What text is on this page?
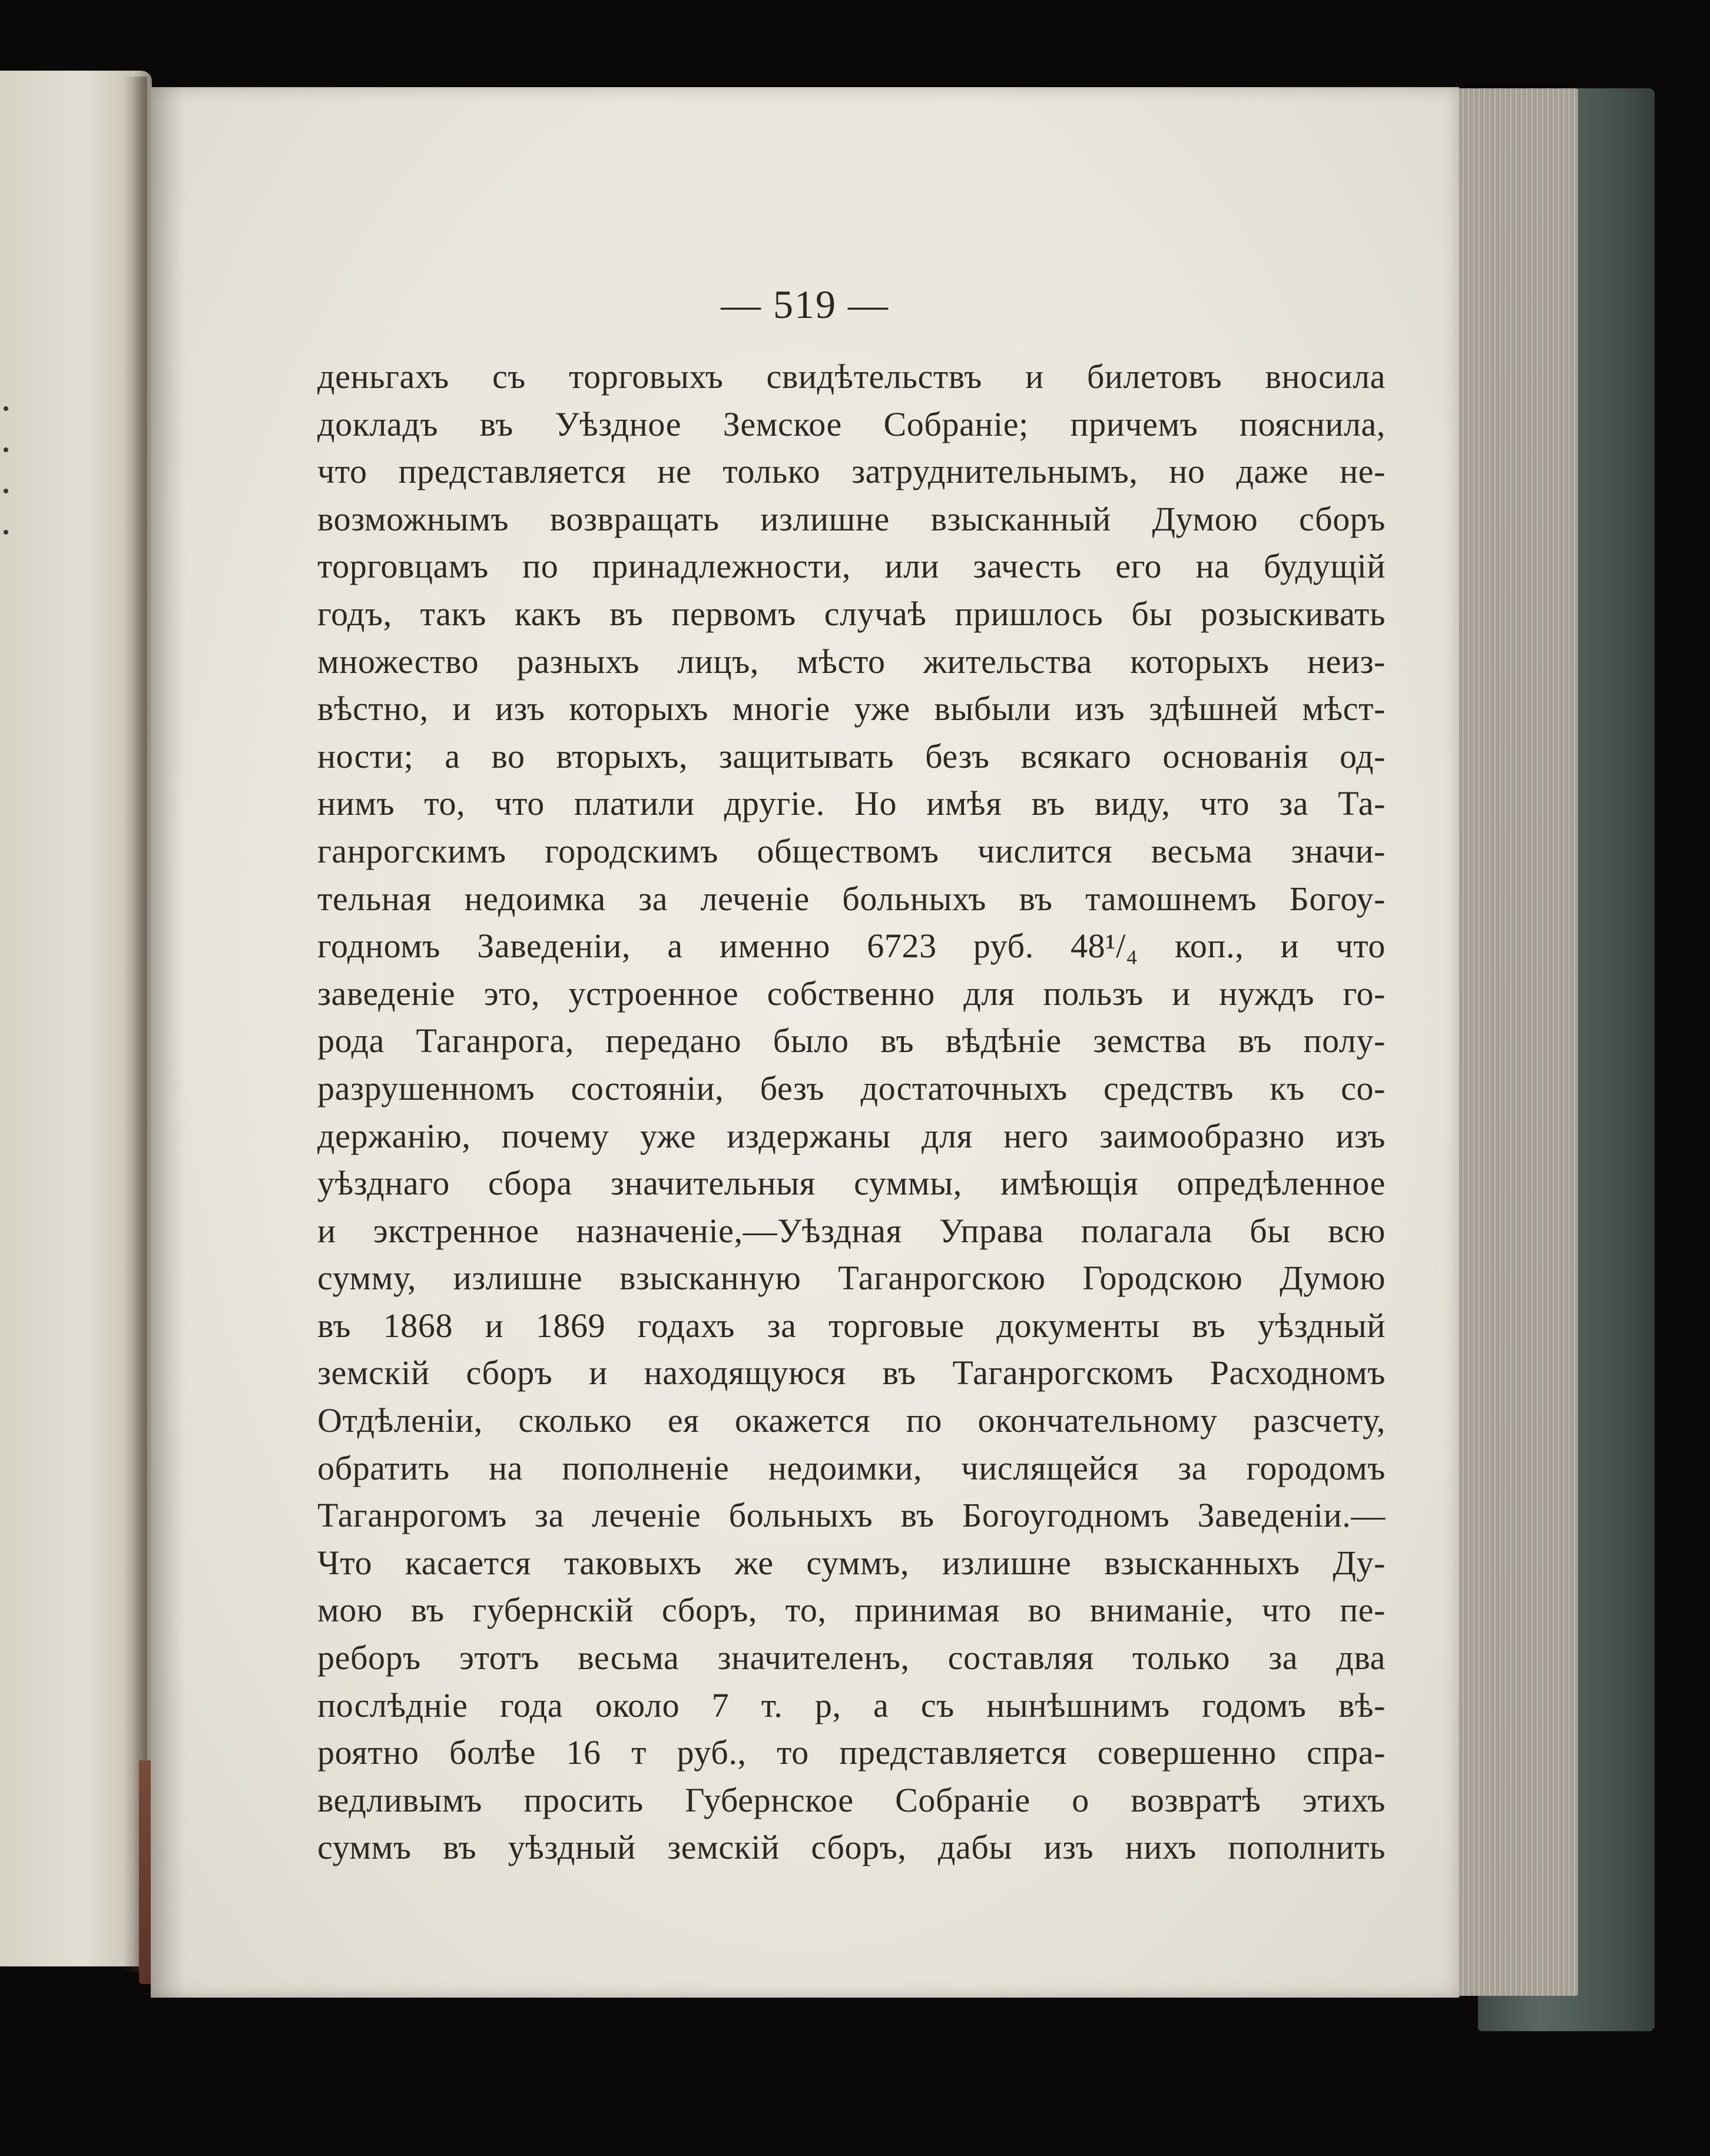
— 519 —
деньгахъ съ торговыхъ свидѣтельствъ и билетовъ вносила
докладъ въ Уѣздное Земское Собраніе; причемъ пояснила,
что представляется не только затруднительнымъ, но даже не-
возможнымъ возвращать излишне взысканный Думою сборъ
торговцамъ по принадлежности, или зачесть его на будущій
годъ, такъ какъ въ первомъ случаѣ пришлось бы розыскивать
множество разныхъ лицъ, мѣсто жительства которыхъ неиз-
вѣстно, и изъ которыхъ многіе уже выбыли изъ здѣшней мѣст-
ности; а во вторыхъ, защитывать безъ всякаго основанія од-
нимъ то, что платили другіе. Но имѣя въ виду, что за Та-
ганрогскимъ городскимъ обществомъ числится весьма значи-
тельная недоимка за леченіе больныхъ въ тамошнемъ Богоу-
годномъ Заведеніи, а именно 6723 руб. 48¹/₄ коп., и что
заведеніе это, устроенное собственно для пользъ и нуждъ го-
рода Таганрога, передано было въ вѣдѣніе земства въ полу-
разрушенномъ состояніи, безъ достаточныхъ средствъ къ со-
держанію, почему уже издержаны для него заимообразно изъ
уѣзднаго сбора значительныя суммы, имѣющія опредѣленное
и экстренное назначеніе,—Уѣздная Управа полагала бы всю
сумму, излишне взысканную Таганрогскою Городскою Думою
въ 1868 и 1869 годахъ за торговые документы въ уѣздный
земскій сборъ и находящуюся въ Таганрогскомъ Расходномъ
Отдѣленіи, сколько ея окажется по окончательному разсчету,
обратить на пополненіе недоимки, числящейся за городомъ
Таганрогомъ за леченіе больныхъ въ Богоугодномъ Заведеніи.—
Что касается таковыхъ же суммъ, излишне взысканныхъ Ду-
мою въ губернскій сборъ, то, принимая во вниманіе, что пе-
реборъ этотъ весьма значителенъ, составляя только за два
послѣдніе года около 7 т. р, а съ нынѣшнимъ годомъ вѣ-
роятно болѣе 16 т руб., то представляется совершенно спра-
ведливымъ просить Губернское Собраніе о возвратѣ этихъ
суммъ въ уѣздный земскій сборъ, дабы изъ нихъ пополнить
